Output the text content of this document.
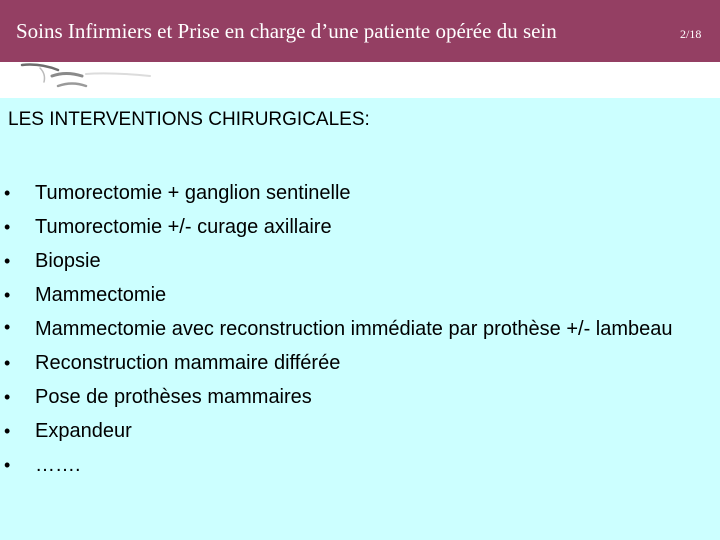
Soins Infirmiers et Prise en charge d’une patiente opérée du sein	2/18
LES INTERVENTIONS CHIRURGICALES:
• Tumorectomie + ganglion sentinelle
• Tumorectomie +/- curage axillaire
• Biopsie
• Mammectomie
• Mammectomie avec reconstruction immédiate par prothèse +/- lambeau
• Reconstruction mammaire différée
• Pose de prothèses mammaires
• Expandeur
• …….
